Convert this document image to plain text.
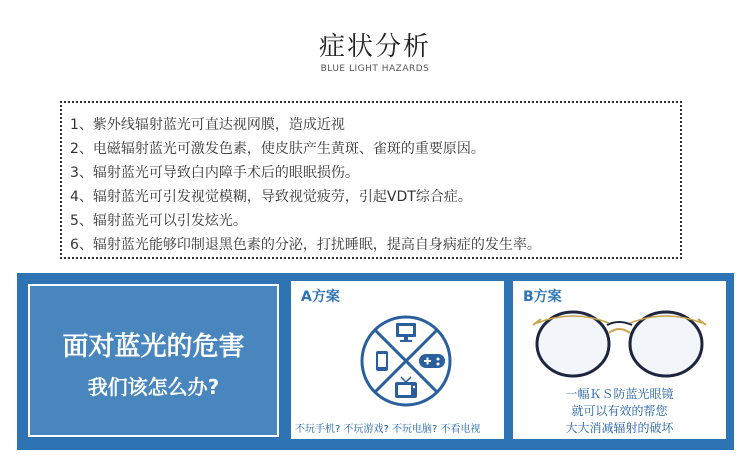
症状分析
BLUE LIGHT HAZARDS
1、紫外线辐射蓝光可直达视网膜，造成近视
2、电磁辐射蓝光可激发色素，使皮肤产生黄斑、雀斑的重要原因。
3、辐射蓝光可导致白内障手术后的眼眠损伤。
4、辐射蓝光可引发视觉模糊，导致视觉疲劳，引起VDT综合症。
5、辐射蓝光可以引发炫光。
6、辐射蓝光能够印制退黑色素的分泌，打扰睡眠，提高自身病症的发生率。
面对蓝光的危害
我们该怎么办?
A方案
不玩手机? 不玩游戏? 不玩电脑? 不看电视
B方案
一幅ＫＳ防蓝光眼镜
就可以有效的帮您
大大消减辐射的破坏
